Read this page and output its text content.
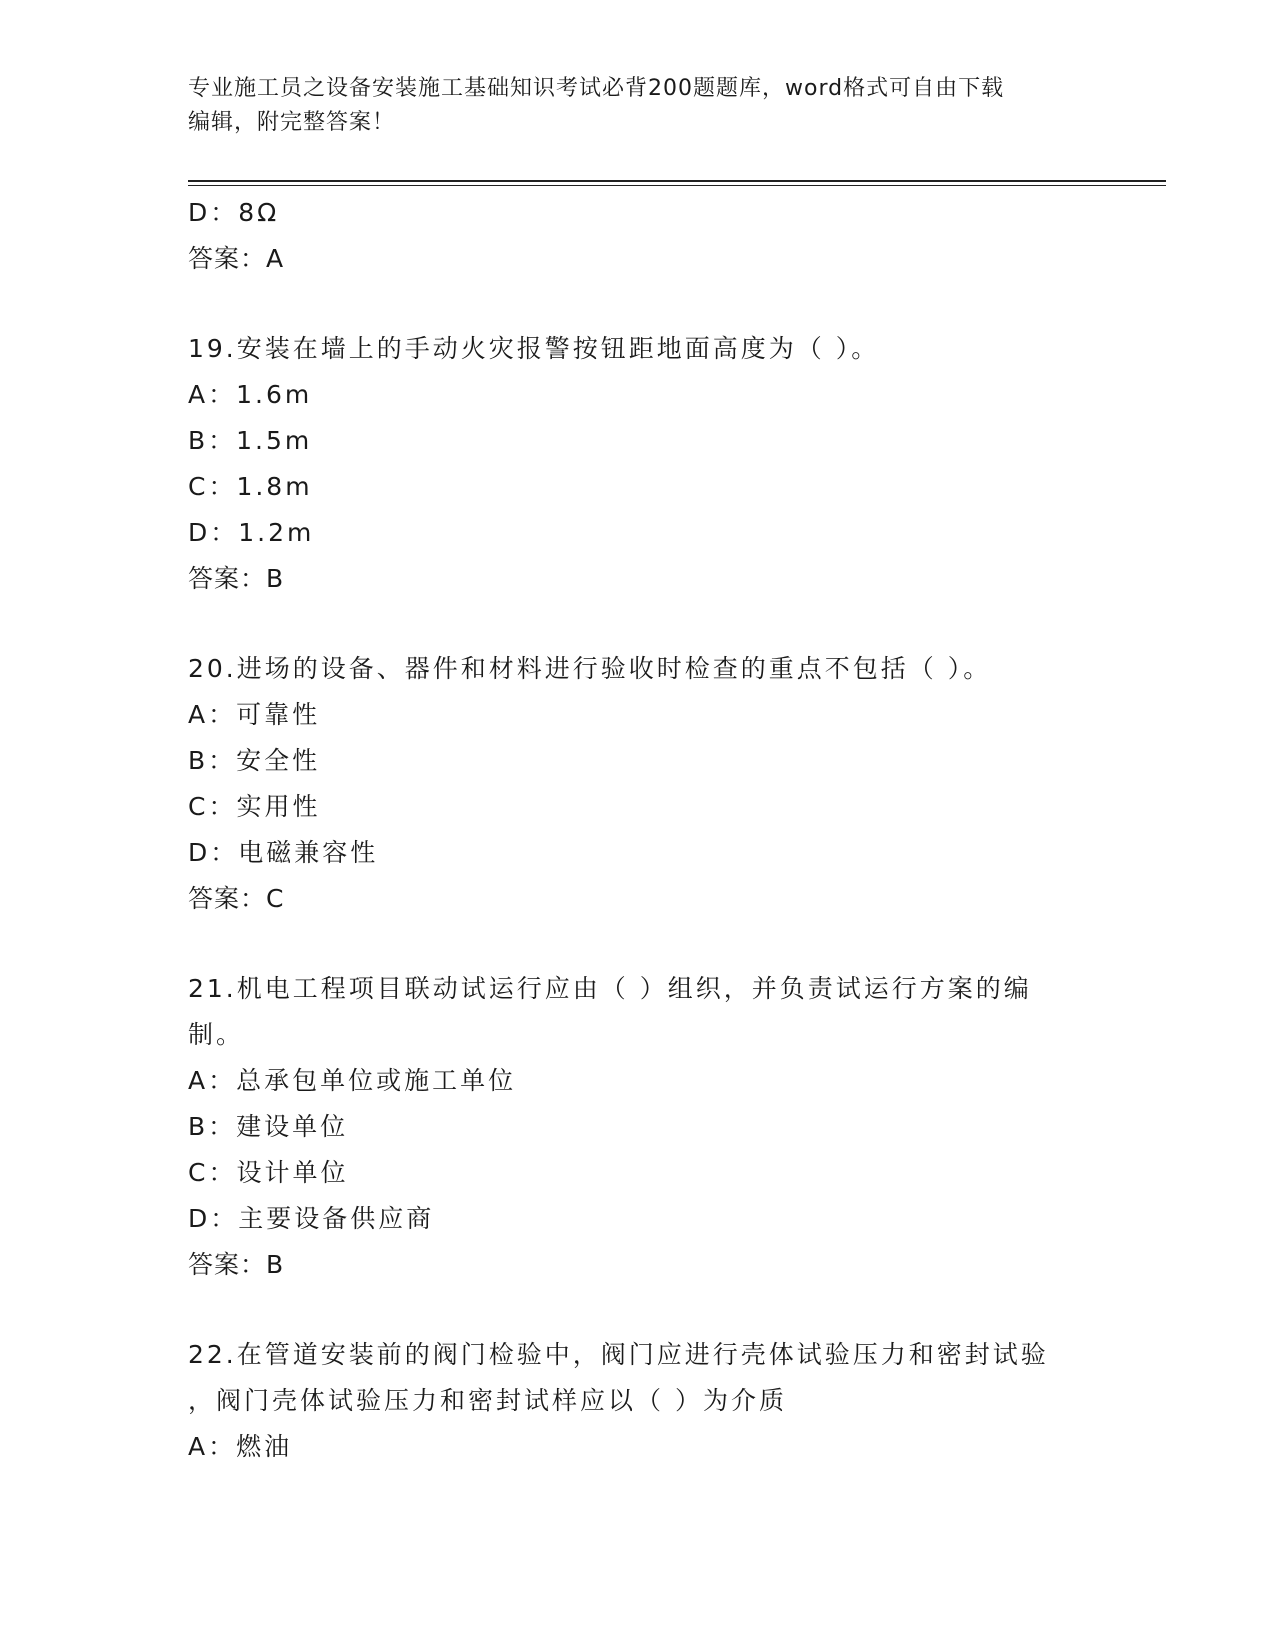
专业施工员之设备安装施工基础知识考试必背200题题库，word格式可自由下载
编辑，附完整答案！
D：8Ω
答案：A
19.安装在墙上的手动火灾报警按钮距地面高度为（ ）。
A：1.6m
B：1.5m
C：1.8m
D：1.2m
答案：B
20.进场的设备、器件和材料进行验收时检查的重点不包括（ ）。
A：可靠性
B：安全性
C：实用性
D：电磁兼容性
答案：C
21.机电工程项目联动试运行应由（ ）组织，并负责试运行方案的编
制。
A：总承包单位或施工单位
B：建设单位
C：设计单位
D：主要设备供应商
答案：B
22.在管道安装前的阀门检验中，阀门应进行壳体试验压力和密封试验
，阀门壳体试验压力和密封试样应以（ ）为介质
A：燃油
